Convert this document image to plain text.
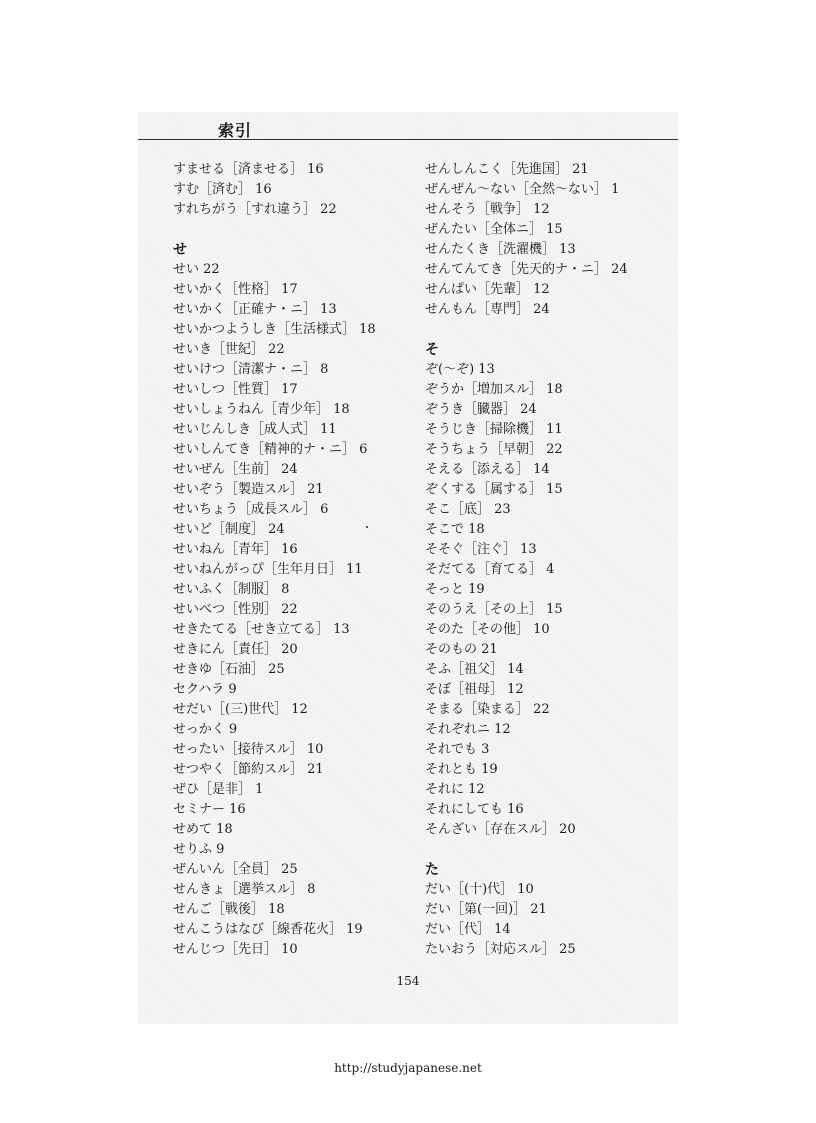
索引
すませる［済ませる］ 16
すむ［済む］ 16
すれちがう［すれ違う］ 22
せ
せい 22
せいかく［性格］ 17
せいかく［正確ナ・ニ］ 13
せいかつようしき［生活様式］ 18
せいき［世紀］ 22
せいけつ［清潔ナ・ニ］ 8
せいしつ［性質］ 17
せいしょうねん［青少年］ 18
せいじんしき［成人式］ 11
せいしんてき［精神的ナ・ニ］ 6
せいぜん［生前］ 24
せいぞう［製造スル］ 21
せいちょう［成長スル］ 6
せいど［制度］ 24
せいねん［青年］ 16
せいねんがっぴ［生年月日］ 11
せいふく［制服］ 8
せいべつ［性別］ 22
せきたてる［せき立てる］ 13
せきにん［責任］ 20
せきゆ［石油］ 25
セクハラ 9
せだい［(三)世代］ 12
せっかく 9
せったい［接待スル］ 10
せつやく［節約スル］ 21
ぜひ［是非］ 1
セミナー 16
せめて 18
せりふ 9
ぜんいん［全員］ 25
せんきょ［選挙スル］ 8
せんご［戦後］ 18
せんこうはなび［線香花火］ 19
せんじつ［先日］ 10
せんしんこく［先進国］ 21
ぜんぜん〜ない［全然〜ない］ 1
せんそう［戦争］ 12
ぜんたい［全体ニ］ 15
せんたくき［洗濯機］ 13
せんてんてき［先天的ナ・ニ］ 24
せんぱい［先輩］ 12
せんもん［専門］ 24
そ
ぞ(〜ぞ) 13
ぞうか［増加スル］ 18
ぞうき［臓器］ 24
そうじき［掃除機］ 11
そうちょう［早朝］ 22
そえる［添える］ 14
ぞくする［属する］ 15
そこ［底］ 23
そこで 18
そそぐ［注ぐ］ 13
そだてる［育てる］ 4
そっと 19
そのうえ［その上］ 15
そのた［その他］ 10
そのもの 21
そふ［祖父］ 14
そぼ［祖母］ 12
そまる［染まる］ 22
それぞれニ 12
それでも 3
それとも 19
それに 12
それにしても 16
そんざい［存在スル］ 20
た
だい［(十)代］ 10
だい［第(一回)］ 21
だい［代］ 14
たいおう［対応スル］ 25
154
http://studyjapanese.net
